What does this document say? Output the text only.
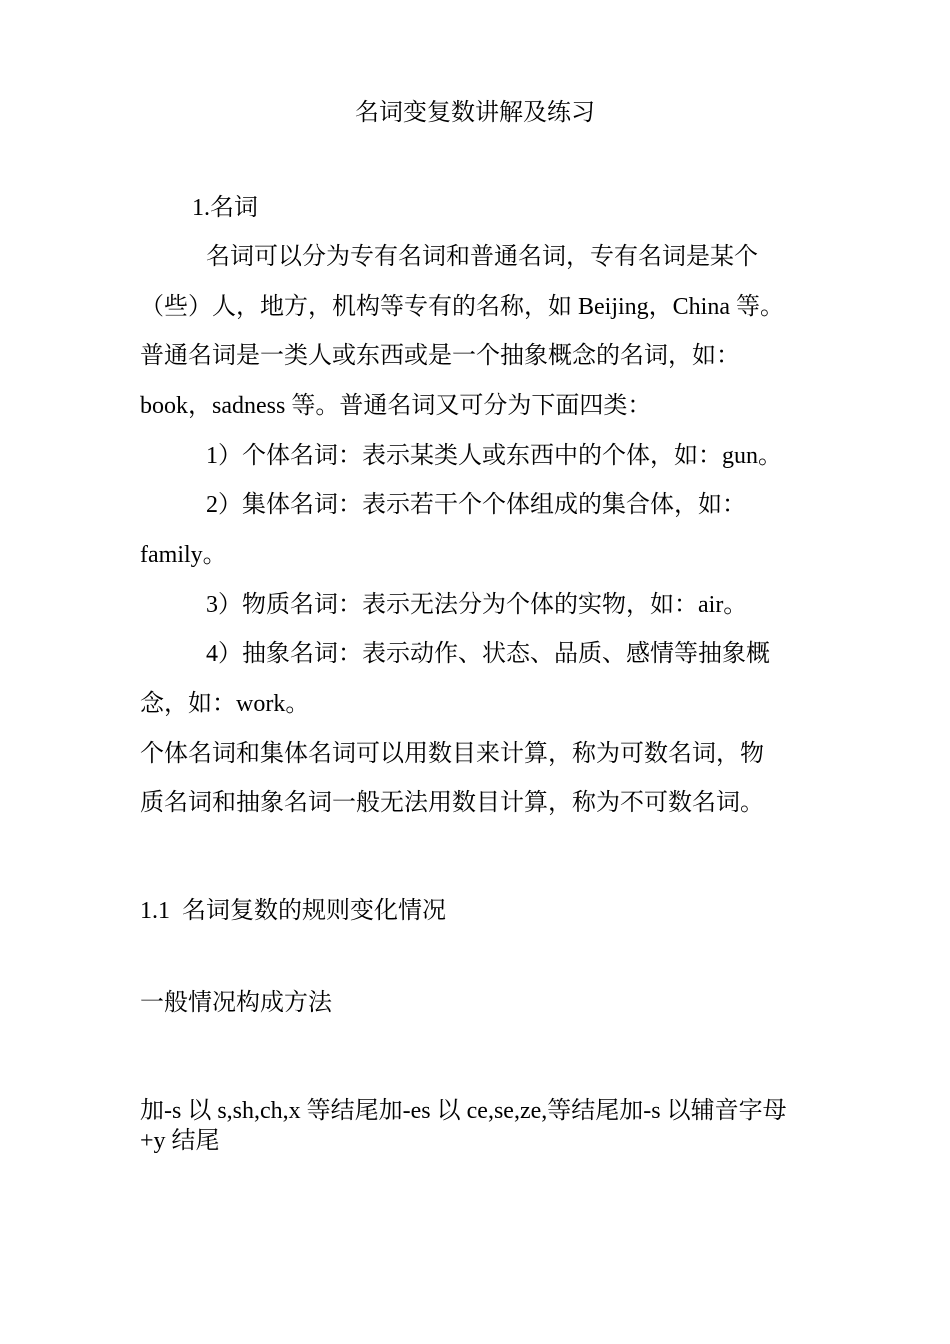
名词变复数讲解及练习
1.名词
名词可以分为专有名词和普通名词，专有名词是某个
（些）人，地方，机构等专有的名称，如 Beijing，China 等。
普通名词是一类人或东西或是一个抽象概念的名词，如：
book，sadness 等。普通名词又可分为下面四类：
1）个体名词：表示某类人或东西中的个体，如：gun。
2）集体名词：表示若干个个体组成的集合体，如：
family。
3）物质名词：表示无法分为个体的实物，如：air。
4）抽象名词：表示动作、状态、品质、感情等抽象概
念，如：work。
个体名词和集体名词可以用数目来计算，称为可数名词，物
质名词和抽象名词一般无法用数目计算，称为不可数名词。
1.1  名词复数的规则变化情况
一般情况构成方法
加-s 以 s,sh,ch,x 等结尾加-es 以 ce,se,ze,等结尾加-s 以辅音字母
+y 结尾
